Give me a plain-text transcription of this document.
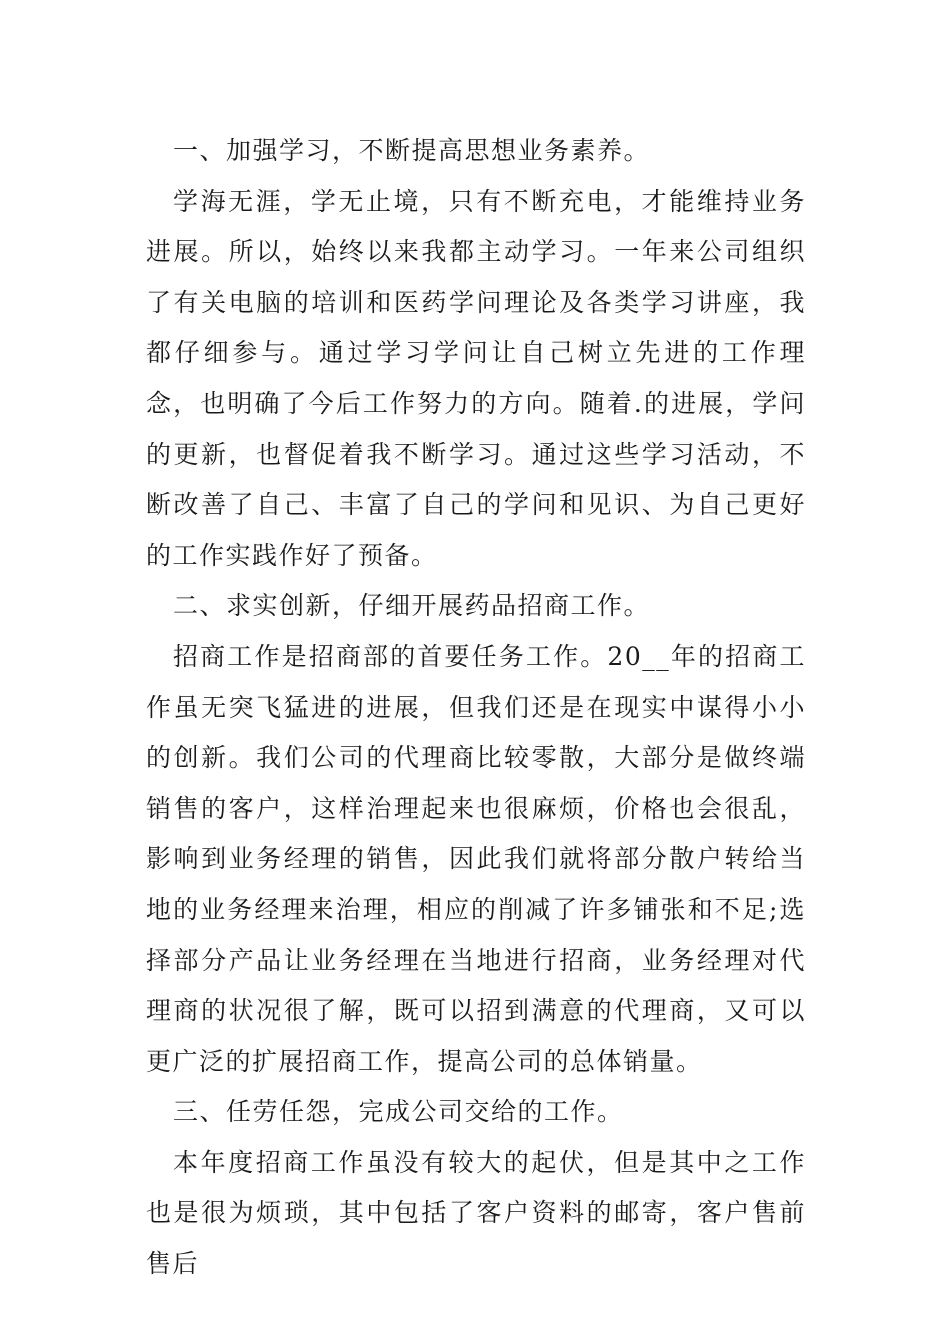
一、加强学习，不断提高思想业务素养。

学海无涯，学无止境，只有不断充电，才能维持业务进展。所以，始终以来我都主动学习。一年来公司组织了有关电脑的培训和医药学问理论及各类学习讲座，我都仔细参与。通过学习学问让自己树立先进的工作理念，也明确了今后工作努力的方向。随着.的进展，学问的更新，也督促着我不断学习。通过这些学习活动，不断改善了自己、丰富了自己的学问和见识、为自己更好的工作实践作好了预备。

二、求实创新，仔细开展药品招商工作。

招商工作是招商部的首要任务工作。20__年的招商工作虽无突飞猛进的进展，但我们还是在现实中谋得小小的创新。我们公司的代理商比较零散，大部分是做终端销售的客户，这样治理起来也很麻烦，价格也会很乱，影响到业务经理的销售，因此我们就将部分散户转给当地的业务经理来治理，相应的削减了许多铺张和不足;选择部分产品让业务经理在当地进行招商，业务经理对代理商的状况很了解，既可以招到满意的代理商，又可以更广泛的扩展招商工作，提高公司的总体销量。

三、任劳任怨，完成公司交给的工作。

本年度招商工作虽没有较大的起伏，但是其中之工作也是很为烦琐，其中包括了客户资料的邮寄，客户售前售后
